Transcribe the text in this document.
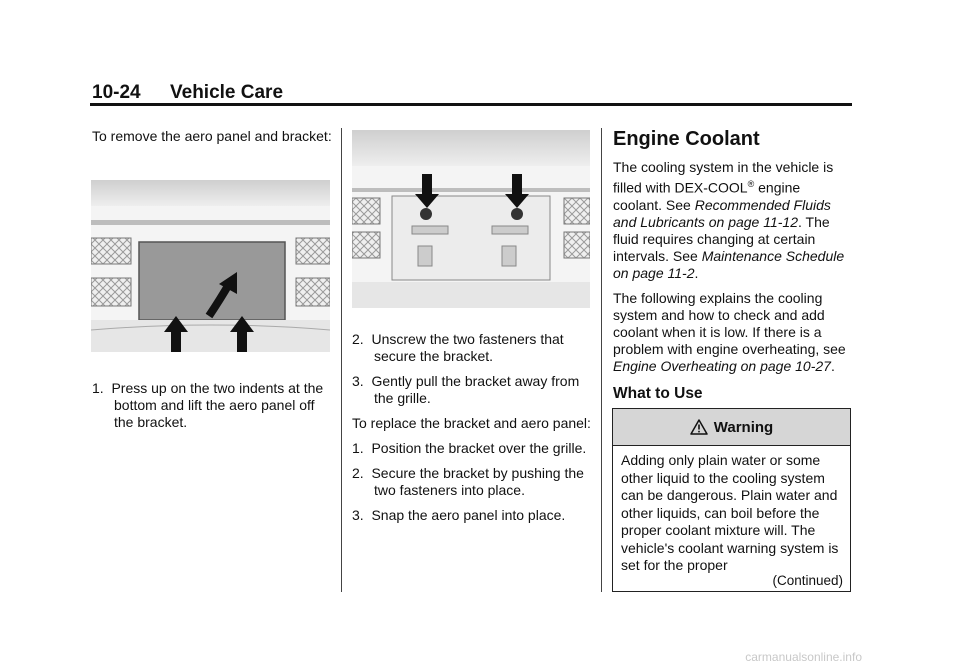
10-24 Vehicle Care

To remove the aero panel and bracket:

1. Press up on the two indents at the bottom and lift the aero panel off the bracket.

2. Unscrew the two fasteners that secure the bracket.

3. Gently pull the bracket away from the grille.

To replace the bracket and aero panel:

1. Position the bracket over the grille.

2. Secure the bracket by pushing the two fasteners into place.

3. Snap the aero panel into place.

Engine Coolant

The cooling system in the vehicle is filled with DEX-COOL® engine coolant. See Recommended Fluids and Lubricants on page 11-12. The fluid requires changing at certain intervals. See Maintenance Schedule on page 11-2.

The following explains the cooling system and how to check and add coolant when it is low. If there is a problem with engine overheating, see Engine Overheating on page 10-27.

What to Use
Warning
Adding only plain water or some other liquid to the cooling system can be dangerous. Plain water and other liquids, can boil before the proper coolant mixture will. The vehicle's coolant warning system is set for the proper
(Continued)
carmanualsonline.info
